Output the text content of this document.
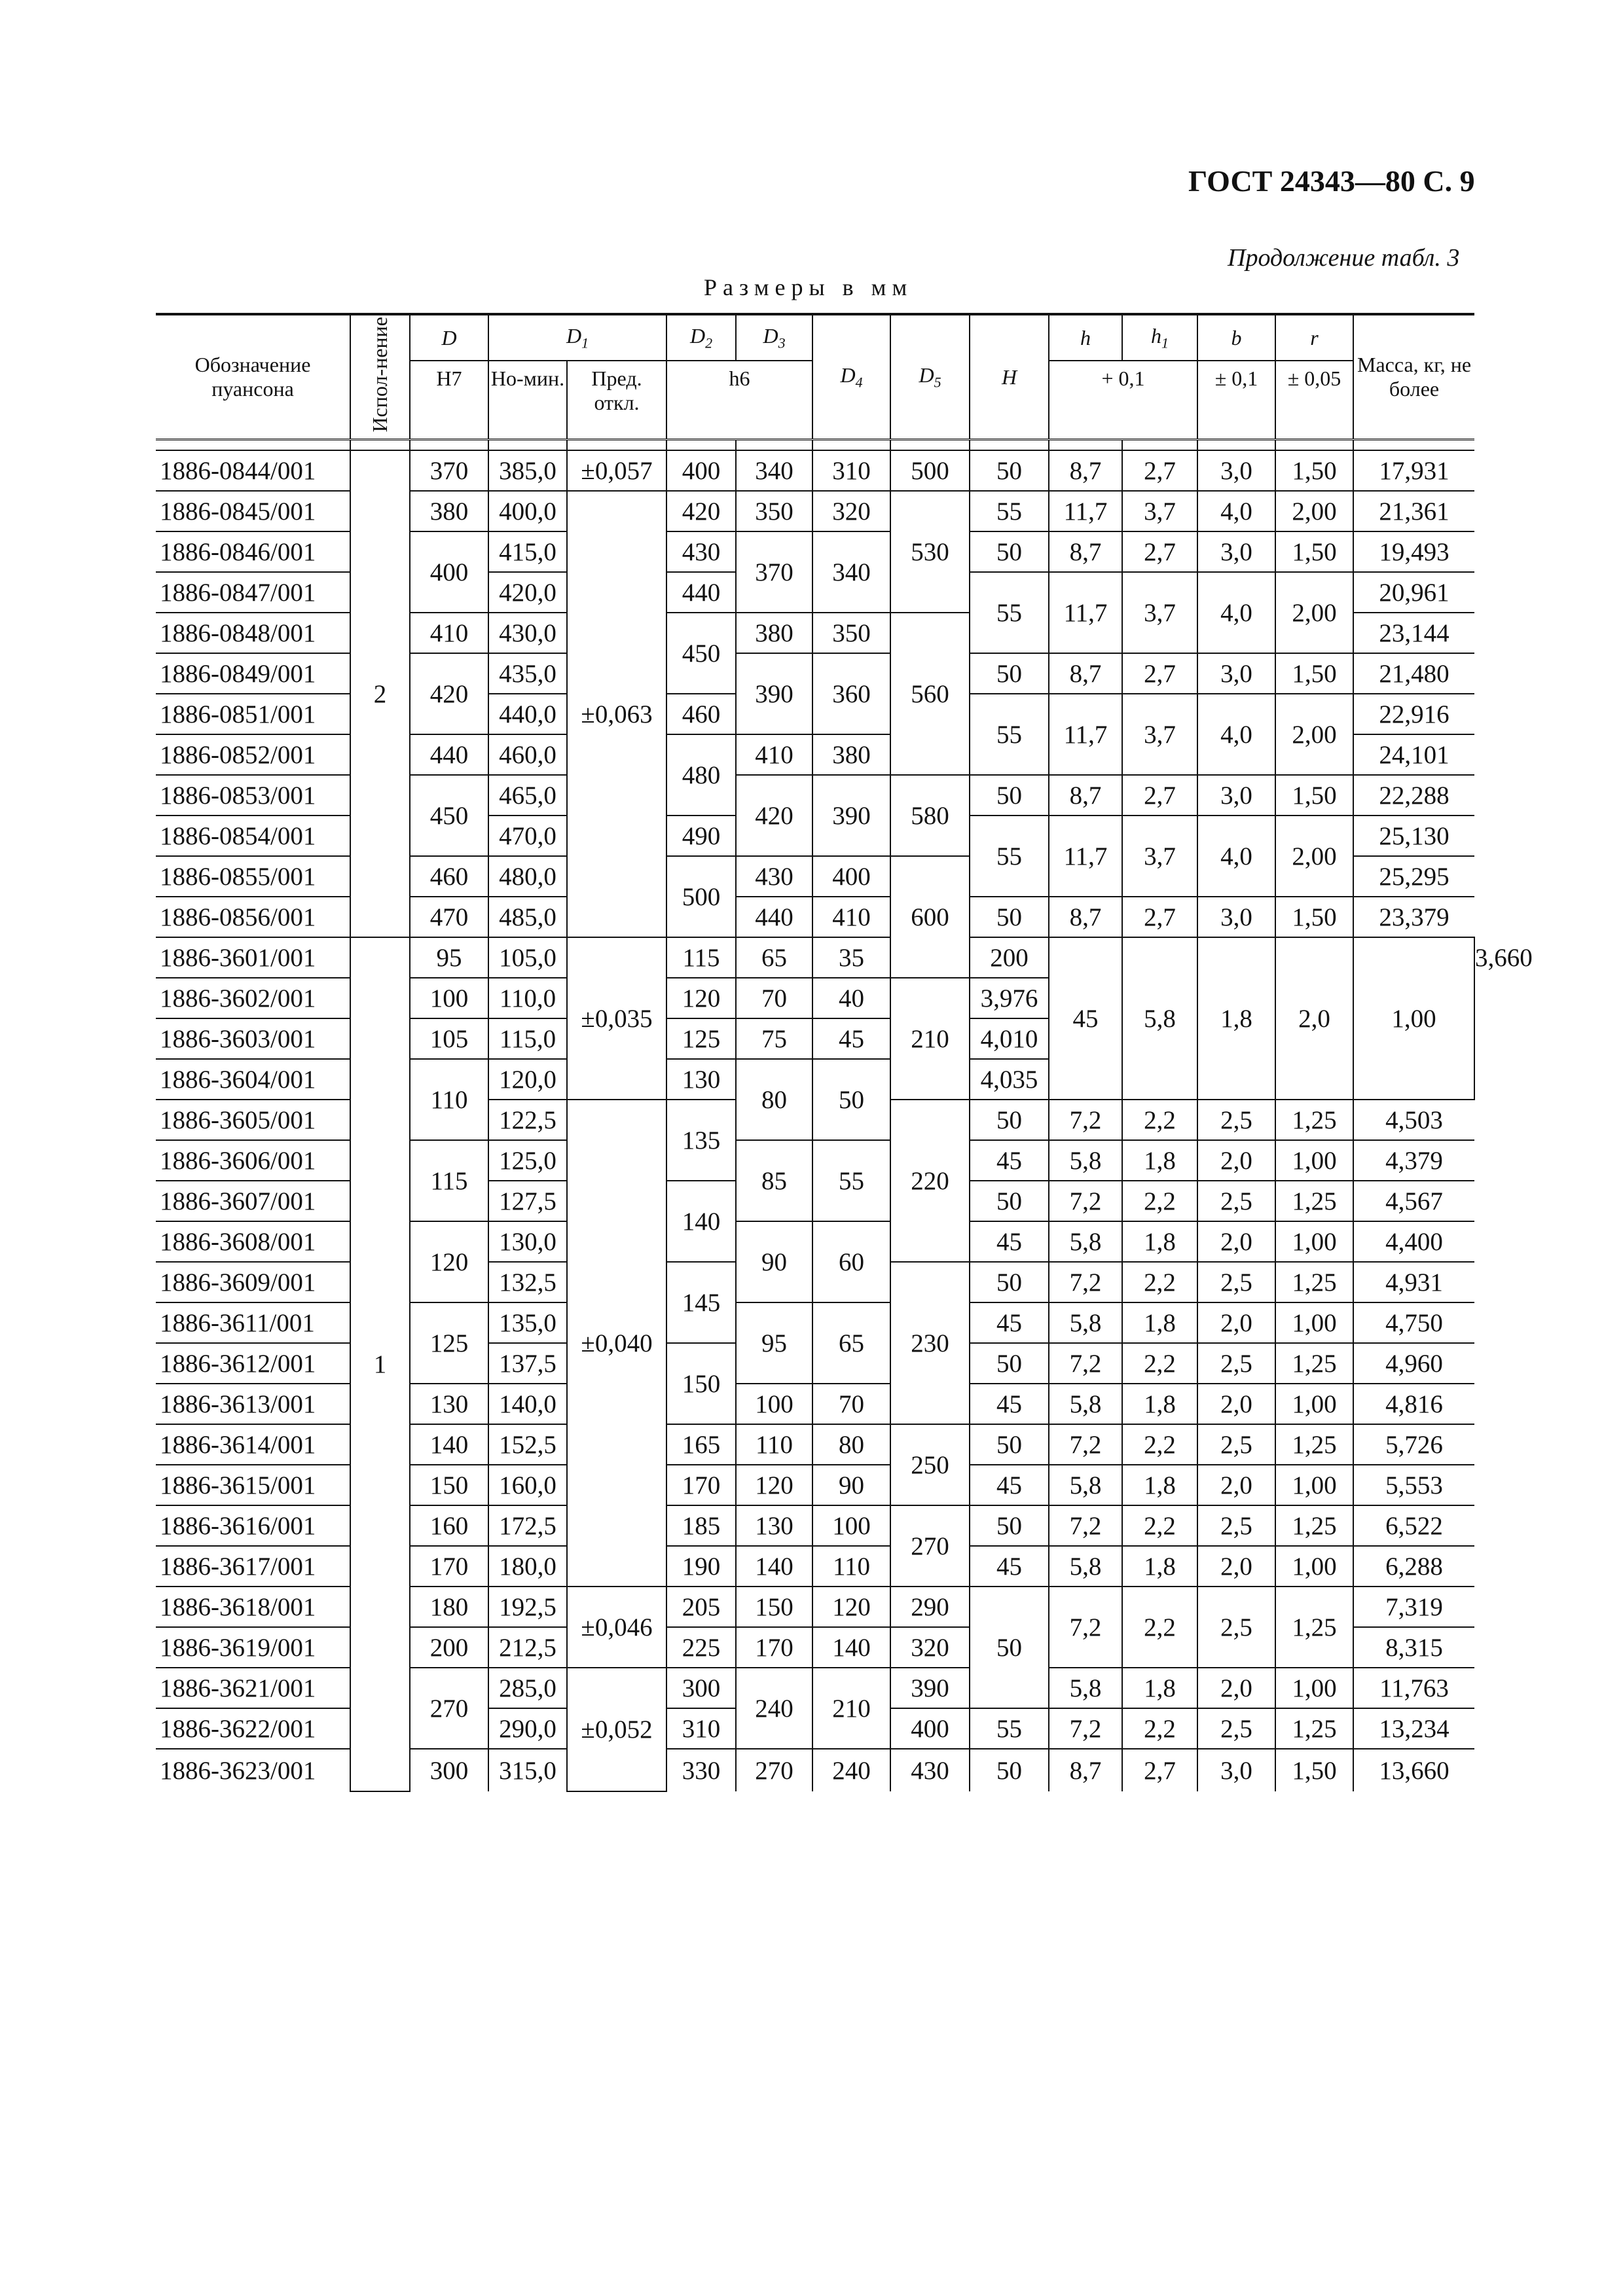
ГОСТ 24343—80 С. 9
Продолжение табл. 3
Размеры в мм
Обозначение пуансона	Испол-нение	D	$D_1$		$D_2$	$D_3$	$D_4$	$D_5$	H	h	$h_1$	b	r	Масса, кг, не более	
		Н7	Но-мин.	Пред. откл.	h6					+ 0,1		± 0,1	± 0,05		

1886-0844/001	2	370	385,0	±0,057	400	340	310	500	50	8,7	2,7	3,0	1,50	17,931	
1886-0845/001		380	400,0	±0,063	420	350	320	530	55	11,7	3,7	4,0	2,00	21,361	
1886-0846/001		400	415,0		430	370	340		50	8,7	2,7	3,0	1,50	19,493	
1886-0847/001			420,0		440				55	11,7	3,7	4,0	2,00	20,961	
1886-0848/001		410	430,0		450	380	350	560						23,144	
1886-0849/001		420	435,0			390	360		50	8,7	2,7	3,0	1,50	21,480	
1886-0851/001			440,0		460				55	11,7	3,7	4,0	2,00	22,916	
1886-0852/001		440	460,0		480	410	380							24,101	
1886-0853/001		450	465,0			420	390	580	50	8,7	2,7	3,0	1,50	22,288	
1886-0854/001			470,0		490				55	11,7	3,7	4,0	2,00	25,130	
1886-0855/001		460	480,0		500	430	400	600						25,295	
1886-0856/001		470	485,0			440	410		50	8,7	2,7	3,0	1,50	23,379	
1886-3601/001	1	95	105,0	±0,035	115	65	35		200	45	5,8	1,8	2,0	1,00	3,660
1886-3602/001		100	110,0		120	70	40	210	3,976						
1886-3603/001		105	115,0		125	75	45		4,010						
1886-3604/001		110	120,0		130	80	50		4,035						
1886-3605/001			122,5	±0,040	135			220	50	7,2	2,2	2,5	1,25	4,503	
1886-3606/001		115	125,0			85	55		45	5,8	1,8	2,0	1,00	4,379	
1886-3607/001			127,5		140				50	7,2	2,2	2,5	1,25	4,567	
1886-3608/001		120	130,0			90	60		45	5,8	1,8	2,0	1,00	4,400	
1886-3609/001			132,5		145			230	50	7,2	2,2	2,5	1,25	4,931	
1886-3611/001		125	135,0			95	65		45	5,8	1,8	2,0	1,00	4,750	
1886-3612/001			137,5		150				50	7,2	2,2	2,5	1,25	4,960	
1886-3613/001		130	140,0			100	70		45	5,8	1,8	2,0	1,00	4,816	
1886-3614/001		140	152,5		165	110	80	250	50	7,2	2,2	2,5	1,25	5,726	
1886-3615/001		150	160,0		170	120	90		45	5,8	1,8	2,0	1,00	5,553	
1886-3616/001		160	172,5		185	130	100	270	50	7,2	2,2	2,5	1,25	6,522	
1886-3617/001		170	180,0		190	140	110		45	5,8	1,8	2,0	1,00	6,288	
1886-3618/001		180	192,5	±0,046	205	150	120	290	50	7,2	2,2	2,5	1,25	7,319	
1886-3619/001		200	212,5		225	170	140	320						8,315	
1886-3621/001		270	285,0	±0,052	300	240	210	390		5,8	1,8	2,0	1,00	11,763	
1886-3622/001			290,0		310			400	55	7,2	2,2	2,5	1,25	13,234	
1886-3623/001		300	315,0		330	270	240	430	50	8,7	2,7	3,0	1,50	13,660	
